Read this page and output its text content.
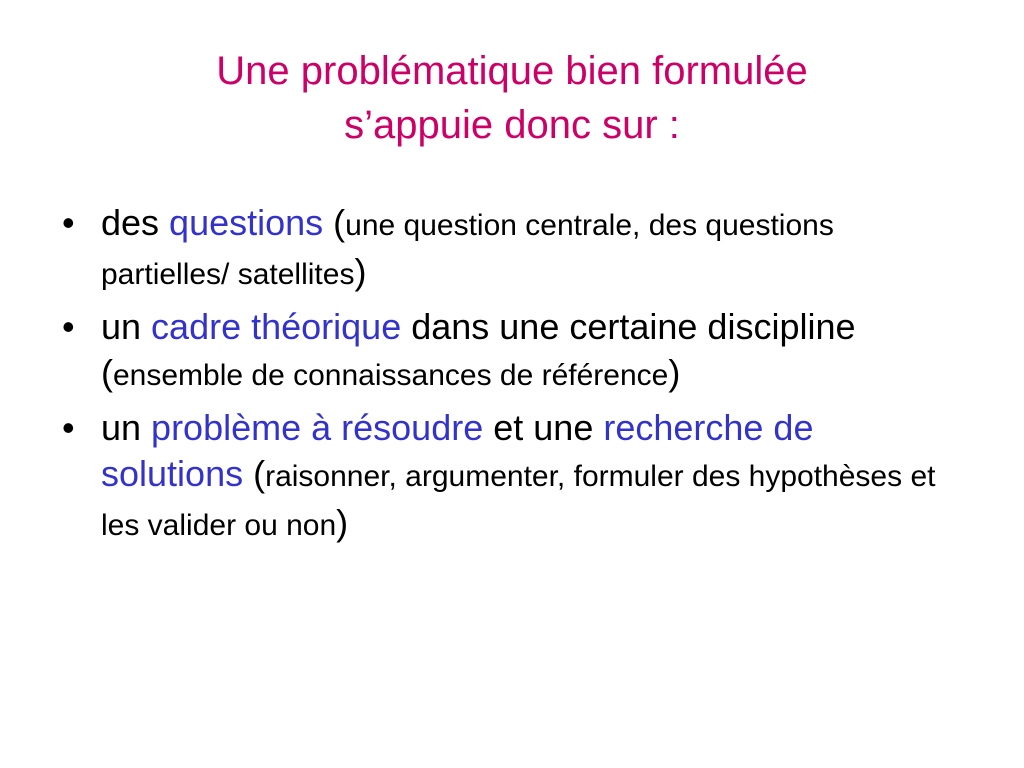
Une problématique bien formulée
s’appuie donc sur :
• des questions (une question centrale, des questions partielles/ satellites)
• un cadre théorique dans une certaine discipline (ensemble de connaissances de référence)
• un problème à résoudre et une recherche de solutions (raisonner, argumenter, formuler des hypothèses et les valider ou non)
